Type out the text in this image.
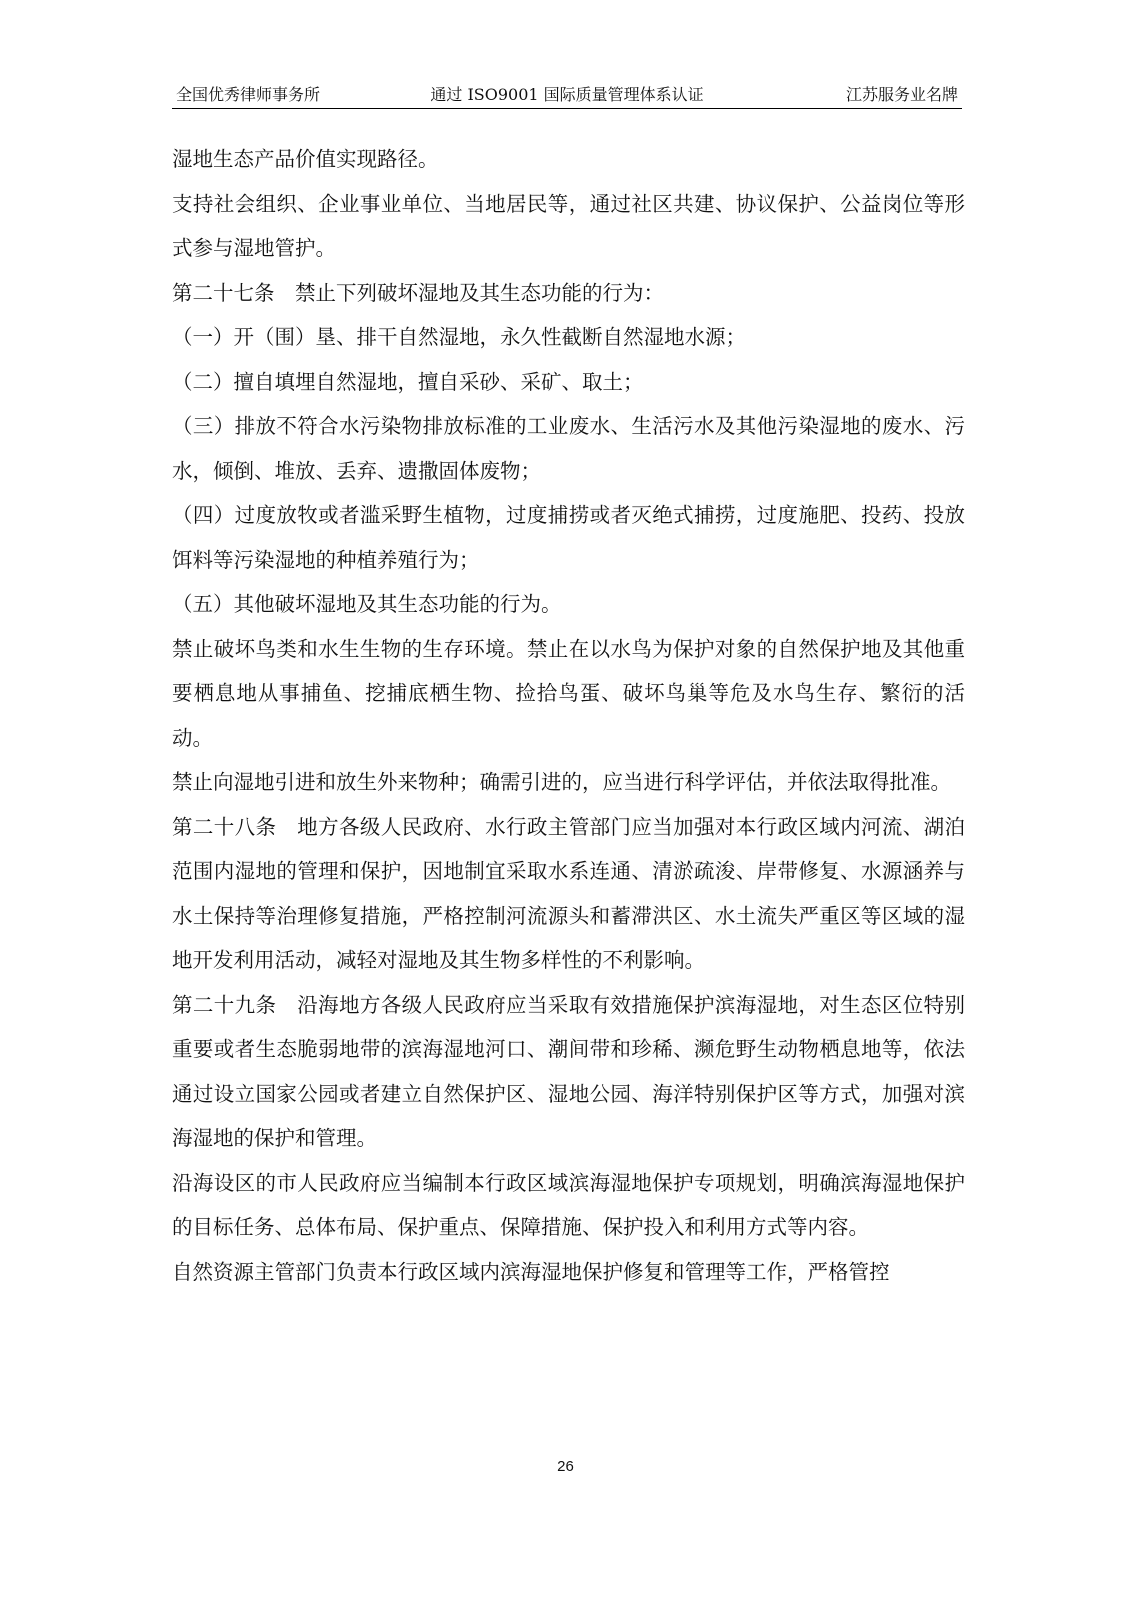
全国优秀律师事务所	通过 ISO9001 国际质量管理体系认证	江苏服务业名牌

湿地生态产品价值实现路径。

支持社会组织、企业事业单位、当地居民等，通过社区共建、协议保护、公益岗位等形式参与湿地管护。

第二十七条　禁止下列破坏湿地及其生态功能的行为：

（一）开（围）垦、排干自然湿地，永久性截断自然湿地水源；

（二）擅自填埋自然湿地，擅自采砂、采矿、取土；

（三）排放不符合水污染物排放标准的工业废水、生活污水及其他污染湿地的废水、污水，倾倒、堆放、丢弃、遗撒固体废物；

（四）过度放牧或者滥采野生植物，过度捕捞或者灭绝式捕捞，过度施肥、投药、投放饵料等污染湿地的种植养殖行为；

（五）其他破坏湿地及其生态功能的行为。

禁止破坏鸟类和水生生物的生存环境。禁止在以水鸟为保护对象的自然保护地及其他重要栖息地从事捕鱼、挖捕底栖生物、捡拾鸟蛋、破坏鸟巢等危及水鸟生存、繁衍的活动。

禁止向湿地引进和放生外来物种；确需引进的，应当进行科学评估，并依法取得批准。

第二十八条　地方各级人民政府、水行政主管部门应当加强对本行政区域内河流、湖泊范围内湿地的管理和保护，因地制宜采取水系连通、清淤疏浚、岸带修复、水源涵养与水土保持等治理修复措施，严格控制河流源头和蓄滞洪区、水土流失严重区等区域的湿地开发利用活动，减轻对湿地及其生物多样性的不利影响。

第二十九条　沿海地方各级人民政府应当采取有效措施保护滨海湿地，对生态区位特别重要或者生态脆弱地带的滨海湿地河口、潮间带和珍稀、濒危野生动物栖息地等，依法通过设立国家公园或者建立自然保护区、湿地公园、海洋特别保护区等方式，加强对滨海湿地的保护和管理。

沿海设区的市人民政府应当编制本行政区域滨海湿地保护专项规划，明确滨海湿地保护的目标任务、总体布局、保护重点、保障措施、保护投入和利用方式等内容。

自然资源主管部门负责本行政区域内滨海湿地保护修复和管理等工作，严格管控

26
